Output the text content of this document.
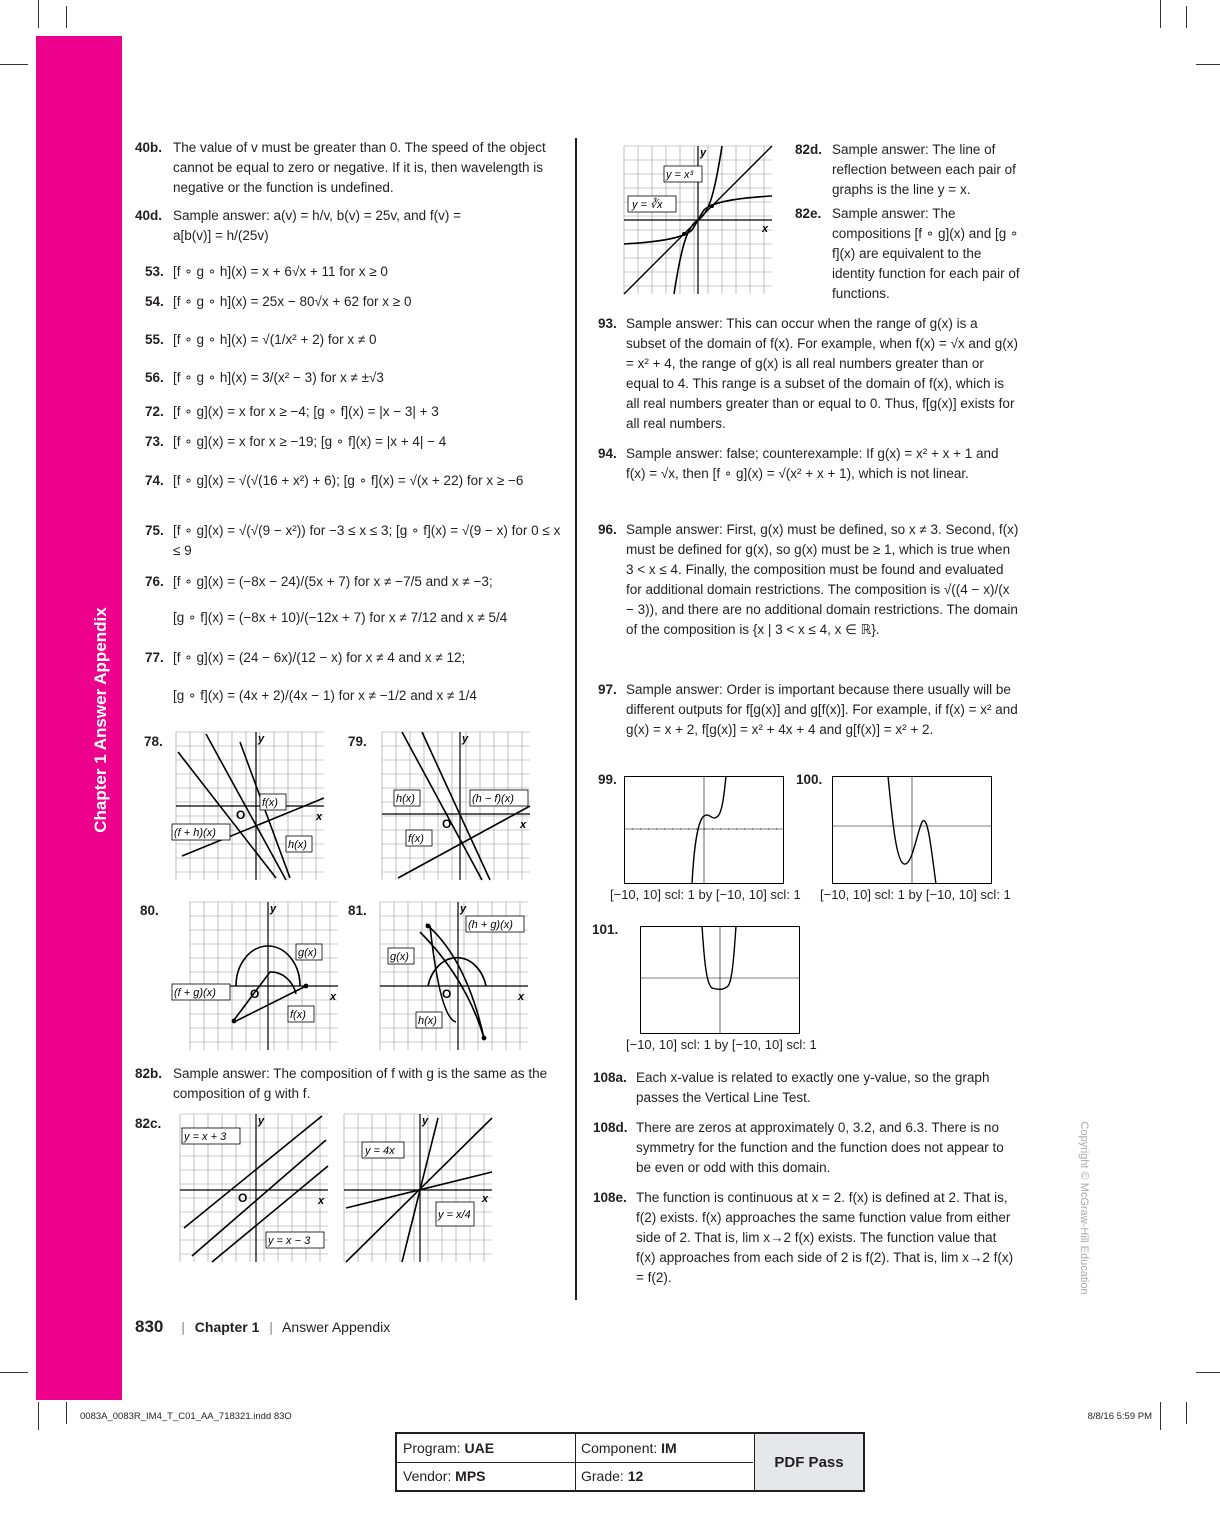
Chapter 1 Answer Appendix
Copyright © McGraw-Hill Education
40b. The value of v must be greater than 0. The speed of the object cannot be equal to zero or negative. If it is, then wavelength is negative or the function is undefined.
40d. Sample answer: a(v) = h/v, b(v) = 25v, and f(v) = a[b(v)] = h/(25v)
53. [f ∘ g ∘ h](x) = x + 6√x + 11 for x ≥ 0
54. [f ∘ g ∘ h](x) = 25x − 80√x + 62 for x ≥ 0
55. [f ∘ g ∘ h](x) = √(1/x² + 2) for x ≠ 0
56. [f ∘ g ∘ h](x) = 3/(x² − 3) for x ≠ ±√3
72. [f ∘ g](x) = x for x ≥ −4; [g ∘ f](x) = |x − 3| + 3
73. [f ∘ g](x) = x for x ≥ −19; [g ∘ f](x) = |x + 4| − 4
74. [f ∘ g](x) = √(√(16 + x²) + 6); [g ∘ f](x) = √(x + 22) for x ≥ −6
75. [f ∘ g](x) = √(√(9 − x²)) for −3 ≤ x ≤ 3; [g ∘ f](x) = √(9 − x) for 0 ≤ x ≤ 9
76. [f ∘ g](x) = (−8x − 24)/(5x + 7) for x ≠ −7/5 and x ≠ −3;
[g ∘ f](x) = (−8x + 10)/(−12x + 7) for x ≠ 7/12 and x ≠ 5/4
77. [f ∘ g](x) = (24 − 6x)/(12 − x) for x ≠ 4 and x ≠ 12;
[g ∘ f](x) = (4x + 2)/(4x − 1) for x ≠ −1/2 and x ≠ 1/4
78.
f(x)
(f + h)(x)
h(x)
O	x
y	79.
h(x)	(h − f)(x)
f(x)
O	x
y
80.
g(x)
(f + g)(x)
f(x)
O	x
y	81.
(h + g)(x)
g(x)
h(x)
O	x
y
82b. Sample answer: The composition of f with g is the same as the composition of g with f.
82c.
y = x + 3
y = x − 3
O	x
y
y = 4x
y = x/4
x
y
y = x³
y = ∛x
x
y	82d. Sample answer: The line of reflection between each pair of graphs is the line y = x.
82e. Sample answer: The compositions [f ∘ g](x) and [g ∘ f](x) are equivalent to the identity function for each pair of functions.
93. Sample answer: This can occur when the range of g(x) is a subset of the domain of f(x). For example, when f(x) = √x and g(x) = x² + 4, the range of g(x) is all real numbers greater than or equal to 4. This range is a subset of the domain of f(x), which is all real numbers greater than or equal to 0. Thus, f[g(x)] exists for all real numbers.
94. Sample answer: false; counterexample: If g(x) = x² + x + 1 and f(x) = √x, then [f ∘ g](x) = √(x² + x + 1), which is not linear.
96. Sample answer: First, g(x) must be defined, so x ≠ 3. Second, f(x) must be defined for g(x), so g(x) must be ≥ 1, which is true when 3 < x ≤ 4. Finally, the composition must be found and evaluated for additional domain restrictions. The composition is √((4 − x)/(x − 3)), and there are no additional domain restrictions. The domain of the composition is {x | 3 < x ≤ 4, x ∈ ℝ}.
97. Sample answer: Order is important because there usually will be different outputs for f[g(x)] and g[f(x)]. For example, if f(x) = x² and g(x) = x + 2, f[g(x)] = x² + 4x + 4 and g[f(x)] = x² + 2.
99.
[−10, 10] scl: 1 by [−10, 10] scl: 1
100.
[−10, 10] scl: 1 by [−10, 10] scl: 1
101.
[−10, 10] scl: 1 by [−10, 10] scl: 1
108a. Each x-value is related to exactly one y-value, so the graph passes the Vertical Line Test.
108d. There are zeros at approximately 0, 3.2, and 6.3. There is no symmetry for the function and the function does not appear to be even or odd with this domain.
108e. The function is continuous at x = 2. f(x) is defined at 2. That is, f(2) exists. f(x) approaches the same function value from either side of 2. That is, lim x→2 f(x) exists. The function value that f(x) approaches from each side of 2 is f(2). That is, lim x→2 f(x) = f(2).
830 | Chapter 1 | Answer Appendix
0083A_0083R_IM4_T_C01_AA_718321.indd 83O	8/8/16 5:59 PM
Program: UAE	Component: IM
Vendor: MPS	Grade: 12
PDF Pass
